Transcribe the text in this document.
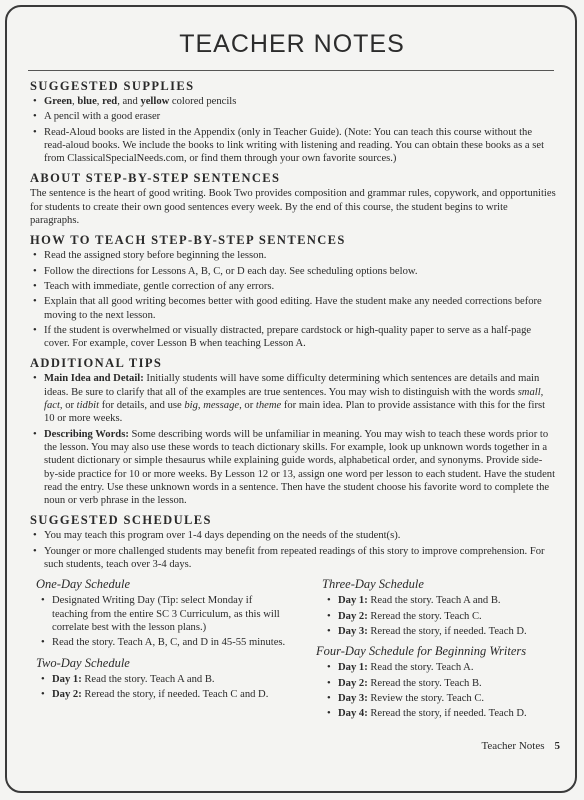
TEACHER NOTES
SUGGESTED SUPPLIES
• Green, blue, red, and yellow colored pencils
• A pencil with a good eraser
• Read-Aloud books are listed in the Appendix (only in Teacher Guide). (Note: You can teach this course without the read-aloud books. We include the books to link writing with listening and reading. You can obtain these books as a set from ClassicalSpecialNeeds.com, or find them through your own favorite sources.)
ABOUT STEP-BY-STEP SENTENCES

The sentence is the heart of good writing. Book Two provides composition and grammar rules, copywork, and opportunities for students to create their own good sentences every week. By the end of this course, the student begins to write paragraphs.

HOW TO TEACH STEP-BY-STEP SENTENCES
• Read the assigned story before beginning the lesson.
• Follow the directions for Lessons A, B, C, or D each day. See scheduling options below.
• Teach with immediate, gentle correction of any errors.
• Explain that all good writing becomes better with good editing. Have the student make any needed corrections before moving to the next lesson.
• If the student is overwhelmed or visually distracted, prepare cardstock or high-quality paper to serve as a half-page cover. For example, cover Lesson B when teaching Lesson A.
ADDITIONAL TIPS
• Main Idea and Detail: Initially students will have some difficulty determining which sentences are details and main ideas. Be sure to clarify that all of the examples are true sentences. You may wish to distinguish with the words small, fact, or tidbit for details, and use big, message, or theme for main idea. Plan to provide assistance with this for the first 10 or more weeks.
• Describing Words: Some describing words will be unfamiliar in meaning. You may wish to teach these words prior to the lesson. You may also use these words to teach dictionary skills. For example, look up unknown words together in a student dictionary or simple thesaurus while explaining guide words, alphabetical order, and synonyms. Provide side-by-side practice for 10 or more weeks. By Lesson 12 or 13, assign one word per lesson to each student. Have the student read the entry. Use these unknown words in a sentence. Then have the student choose his favorite word to complete the noun or verb phrase in the lesson.
SUGGESTED SCHEDULES
• You may teach this program over 1-4 days depending on the needs of the student(s).
• Younger or more challenged students may benefit from repeated readings of this story to improve comprehension. For such students, teach over 3-4 days.
One-Day Schedule
• Designated Writing Day (Tip: select Monday if teaching from the entire SC 3 Curriculum, as this will correlate best with the lesson plans.)
• Read the story. Teach A, B, C, and D in 45-55 minutes.
Two-Day Schedule
• Day 1: Read the story. Teach A and B.
• Day 2: Reread the story, if needed. Teach C and D.
Three-Day Schedule
• Day 1: Read the story. Teach A and B.
• Day 2: Reread the story. Teach C.
• Day 3: Reread the story, if needed. Teach D.
Four-Day Schedule for Beginning Writers
• Day 1: Read the story. Teach A.
• Day 2: Reread the story. Teach B.
• Day 3: Review the story. Teach C.
• Day 4: Reread the story, if needed. Teach D.
Teacher Notes 5
